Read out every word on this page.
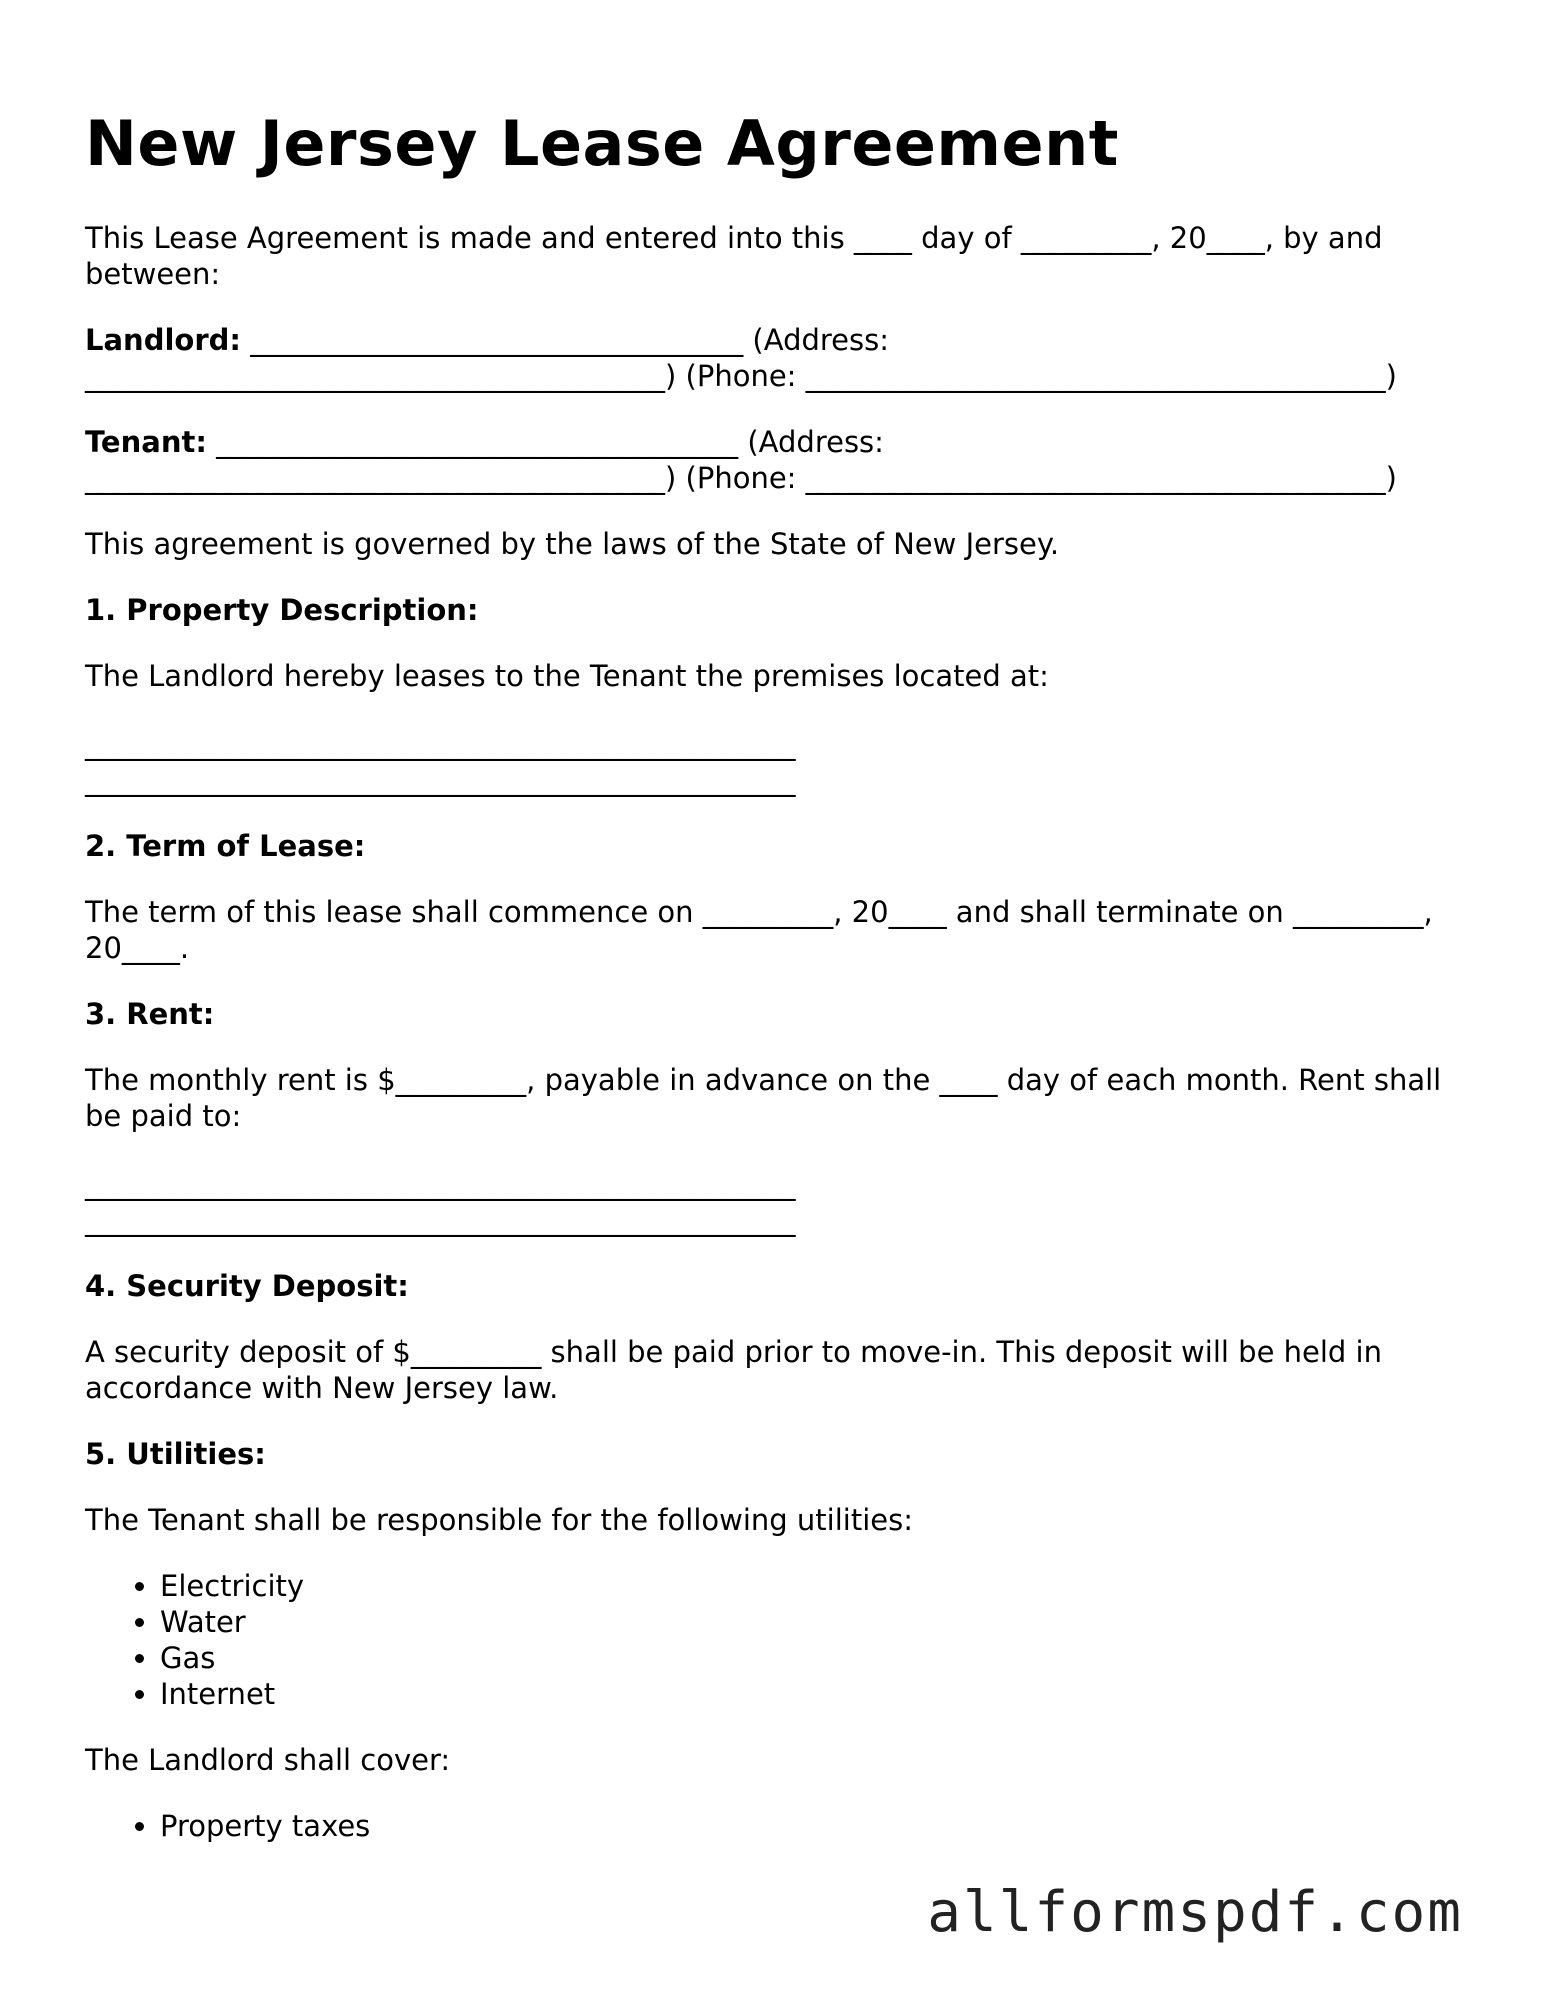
New Jersey Lease Agreement

This Lease Agreement is made and entered into this ____ day of _________, 20____, by and between:

Landlord: __________________________________ (Address: ________________________________________) (Phone: ________________________________________)

Tenant: ____________________________________ (Address: ________________________________________) (Phone: ________________________________________)

This agreement is governed by the laws of the State of New Jersey.

1. Property Description:

The Landlord hereby leases to the Tenant the premises located at:

_________________________________________________
_________________________________________________
2. Term of Lease:

The term of this lease shall commence on _________, 20____ and shall terminate on _________, 20____.

3. Rent:

The monthly rent is $_________, payable in advance on the ____ day of each month. Rent shall be paid to:

_________________________________________________
_________________________________________________
4. Security Deposit:

A security deposit of $_________ shall be paid prior to move-in. This deposit will be held in accordance with New Jersey law.

5. Utilities:

The Tenant shall be responsible for the following utilities:

• Electricity
• Water
• Gas
• Internet

The Landlord shall cover:

• Property taxes
allformspdf.com
